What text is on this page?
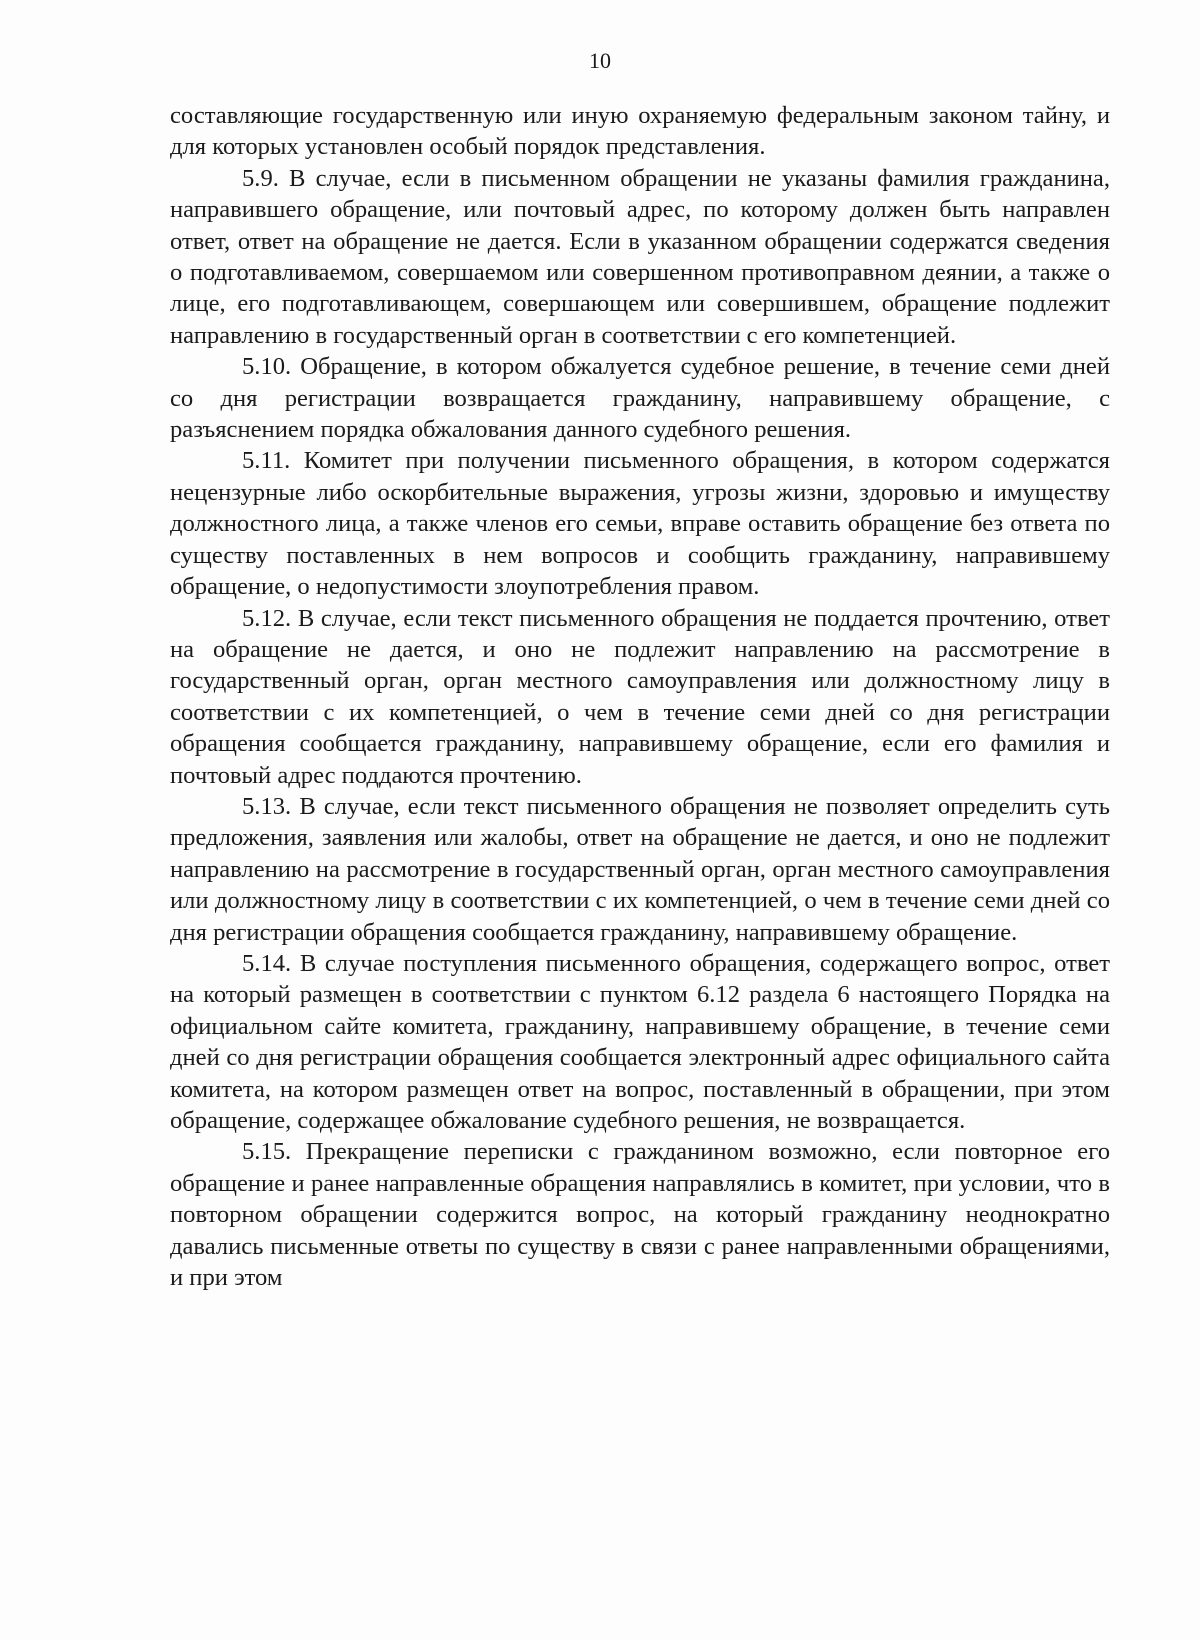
10

составляющие государственную или иную охраняемую федеральным законом тайну, и для которых установлен особый порядок представления.

5.9. В случае, если в письменном обращении не указаны фамилия гражданина, направившего обращение, или почтовый адрес, по которому должен быть направлен ответ, ответ на обращение не дается. Если в указанном обращении содержатся сведения о подготавливаемом, совершаемом или совершенном противоправном деянии, а также о лице, его подготавливающем, совершающем или совершившем, обращение подлежит направлению в государственный орган в соответствии с его компетенцией.

5.10. Обращение, в котором обжалуется судебное решение, в течение семи дней со дня регистрации возвращается гражданину, направившему обращение, с разъяснением порядка обжалования данного судебного решения.

5.11. Комитет при получении письменного обращения, в котором содержатся нецензурные либо оскорбительные выражения, угрозы жизни, здоровью и имуществу должностного лица, а также членов его семьи, вправе оставить обращение без ответа по существу поставленных в нем вопросов и сообщить гражданину, направившему обращение, о недопустимости злоупотребления правом.

5.12. В случае, если текст письменного обращения не поддается прочтению, ответ на обращение не дается, и оно не подлежит направлению на рассмотрение в государственный орган, орган местного самоуправления или должностному лицу в соответствии с их компетенцией, о чем в течение семи дней со дня регистрации обращения сообщается гражданину, направившему обращение, если его фамилия и почтовый адрес поддаются прочтению.

5.13. В случае, если текст письменного обращения не позволяет определить суть предложения, заявления или жалобы, ответ на обращение не дается, и оно не подлежит направлению на рассмотрение в государственный орган, орган местного самоуправления или должностному лицу в соответствии с их компетенцией, о чем в течение семи дней со дня регистрации обращения сообщается гражданину, направившему обращение.

5.14. В случае поступления письменного обращения, содержащего вопрос, ответ на который размещен в соответствии с пунктом 6.12 раздела 6 настоящего Порядка на официальном сайте комитета, гражданину, направившему обращение, в течение семи дней со дня регистрации обращения сообщается электронный адрес официального сайта комитета, на котором размещен ответ на вопрос, поставленный в обращении, при этом обращение, содержащее обжалование судебного решения, не возвращается.

5.15. Прекращение переписки с гражданином возможно, если повторное его обращение и ранее направленные обращения направлялись в комитет, при условии, что в повторном обращении содержится вопрос, на который гражданину неоднократно давались письменные ответы по существу в связи с ранее направленными обращениями, и при этом
